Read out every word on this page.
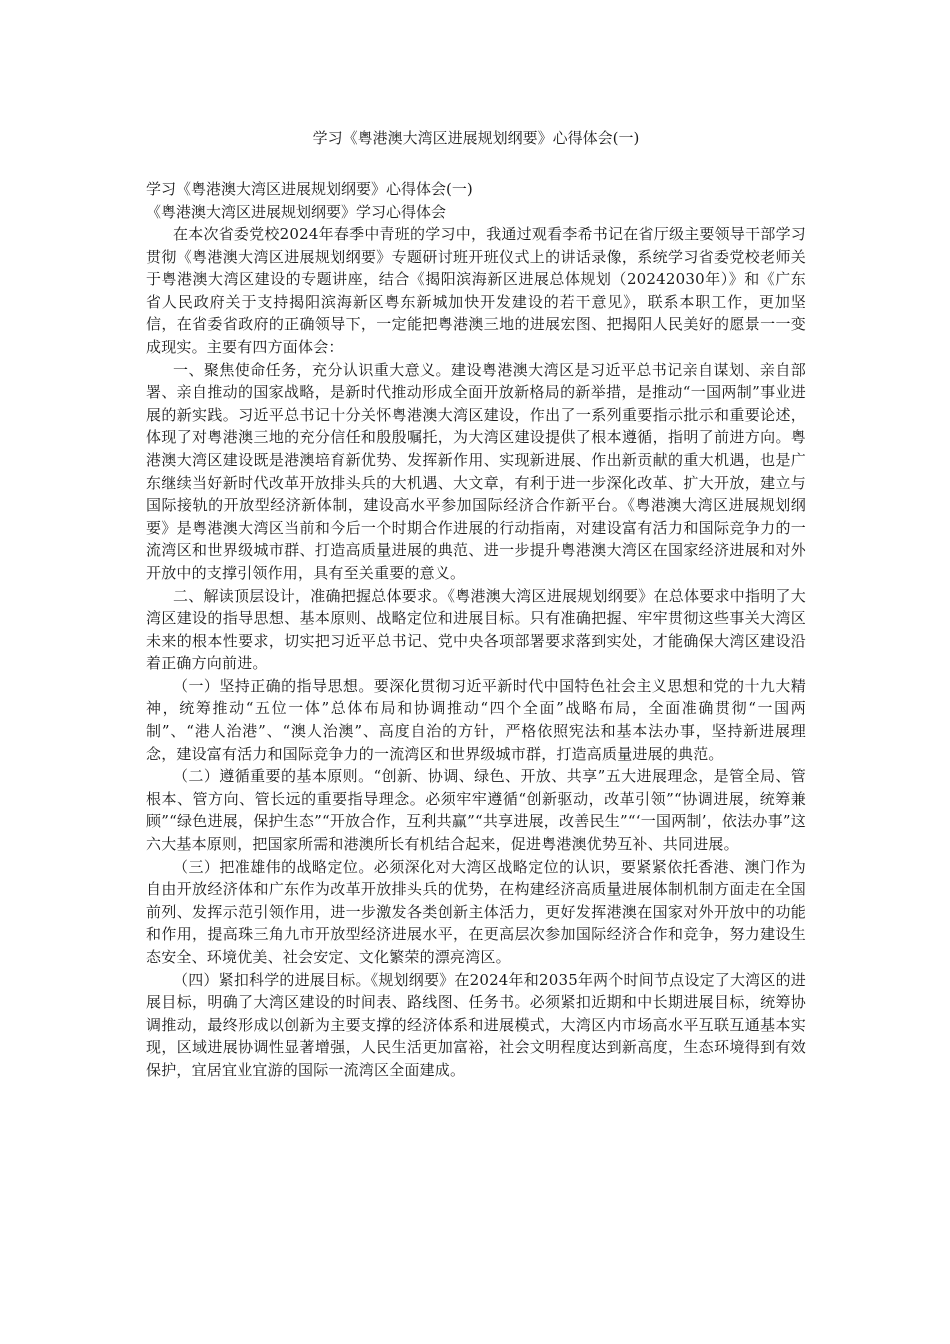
学习《粤港澳大湾区进展规划纲要》心得体会(一)

学习《粤港澳大湾区进展规划纲要》心得体会(一)

《粤港澳大湾区进展规划纲要》学习心得体会

在本次省委党校2024年春季中青班的学习中，我通过观看李希书记在省厅级主要领导干部学习贯彻《粤港澳大湾区进展规划纲要》专题研讨班开班仪式上的讲话录像，系统学习省委党校老师关于粤港澳大湾区建设的专题讲座，结合《揭阳滨海新区进展总体规划（20242030年）》和《广东省人民政府关于支持揭阳滨海新区粤东新城加快开发建设的若干意见》，联系本职工作，更加坚信，在省委省政府的正确领导下，一定能把粤港澳三地的进展宏图、把揭阳人民美好的愿景一一变成现实。主要有四方面体会：

一、聚焦使命任务，充分认识重大意义。建设粤港澳大湾区是习近平总书记亲自谋划、亲自部署、亲自推动的国家战略，是新时代推动形成全面开放新格局的新举措，是推动“一国两制”事业进展的新实践。习近平总书记十分关怀粤港澳大湾区建设，作出了一系列重要指示批示和重要论述，体现了对粤港澳三地的充分信任和殷殷嘱托，为大湾区建设提供了根本遵循，指明了前进方向。粤港澳大湾区建设既是港澳培育新优势、发挥新作用、实现新进展、作出新贡献的重大机遇，也是广东继续当好新时代改革开放排头兵的大机遇、大文章，有利于进一步深化改革、扩大开放，建立与国际接轨的开放型经济新体制，建设高水平参加国际经济合作新平台。《粤港澳大湾区进展规划纲要》是粤港澳大湾区当前和今后一个时期合作进展的行动指南，对建设富有活力和国际竞争力的一流湾区和世界级城市群、打造高质量进展的典范、进一步提升粤港澳大湾区在国家经济进展和对外开放中的支撑引领作用，具有至关重要的意义。

二、解读顶层设计，准确把握总体要求。《粤港澳大湾区进展规划纲要》在总体要求中指明了大湾区建设的指导思想、基本原则、战略定位和进展目标。只有准确把握、牢牢贯彻这些事关大湾区未来的根本性要求，切实把习近平总书记、党中央各项部署要求落到实处，才能确保大湾区建设沿着正确方向前进。

（一）坚持正确的指导思想。要深化贯彻习近平新时代中国特色社会主义思想和党的十九大精神，统筹推动“五位一体”总体布局和协调推动“四个全面”战略布局，全面准确贯彻“一国两制”、“港人治港”、“澳人治澳”、高度自治的方针，严格依照宪法和基本法办事，坚持新进展理念，建设富有活力和国际竞争力的一流湾区和世界级城市群，打造高质量进展的典范。

（二）遵循重要的基本原则。“创新、协调、绿色、开放、共享”五大进展理念，是管全局、管根本、管方向、管长远的重要指导理念。必须牢牢遵循“创新驱动，改革引领”“协调进展，统筹兼顾”“绿色进展，保护生态”“开放合作，互利共赢”“共享进展，改善民生”“‘一国两制’，依法办事”这六大基本原则，把国家所需和港澳所长有机结合起来，促进粤港澳优势互补、共同进展。

（三）把准雄伟的战略定位。必须深化对大湾区战略定位的认识，要紧紧依托香港、澳门作为自由开放经济体和广东作为改革开放排头兵的优势，在构建经济高质量进展体制机制方面走在全国前列、发挥示范引领作用，进一步激发各类创新主体活力，更好发挥港澳在国家对外开放中的功能和作用，提高珠三角九市开放型经济进展水平，在更高层次参加国际经济合作和竞争，努力建设生态安全、环境优美、社会安定、文化繁荣的漂亮湾区。

（四）紧扣科学的进展目标。《规划纲要》在2024年和2035年两个时间节点设定了大湾区的进展目标，明确了大湾区建设的时间表、路线图、任务书。必须紧扣近期和中长期进展目标，统筹协调推动，最终形成以创新为主要支撑的经济体系和进展模式，大湾区内市场高水平互联互通基本实现，区域进展协调性显著增强，人民生活更加富裕，社会文明程度达到新高度，生态环境得到有效保护，宜居宜业宜游的国际一流湾区全面建成。
